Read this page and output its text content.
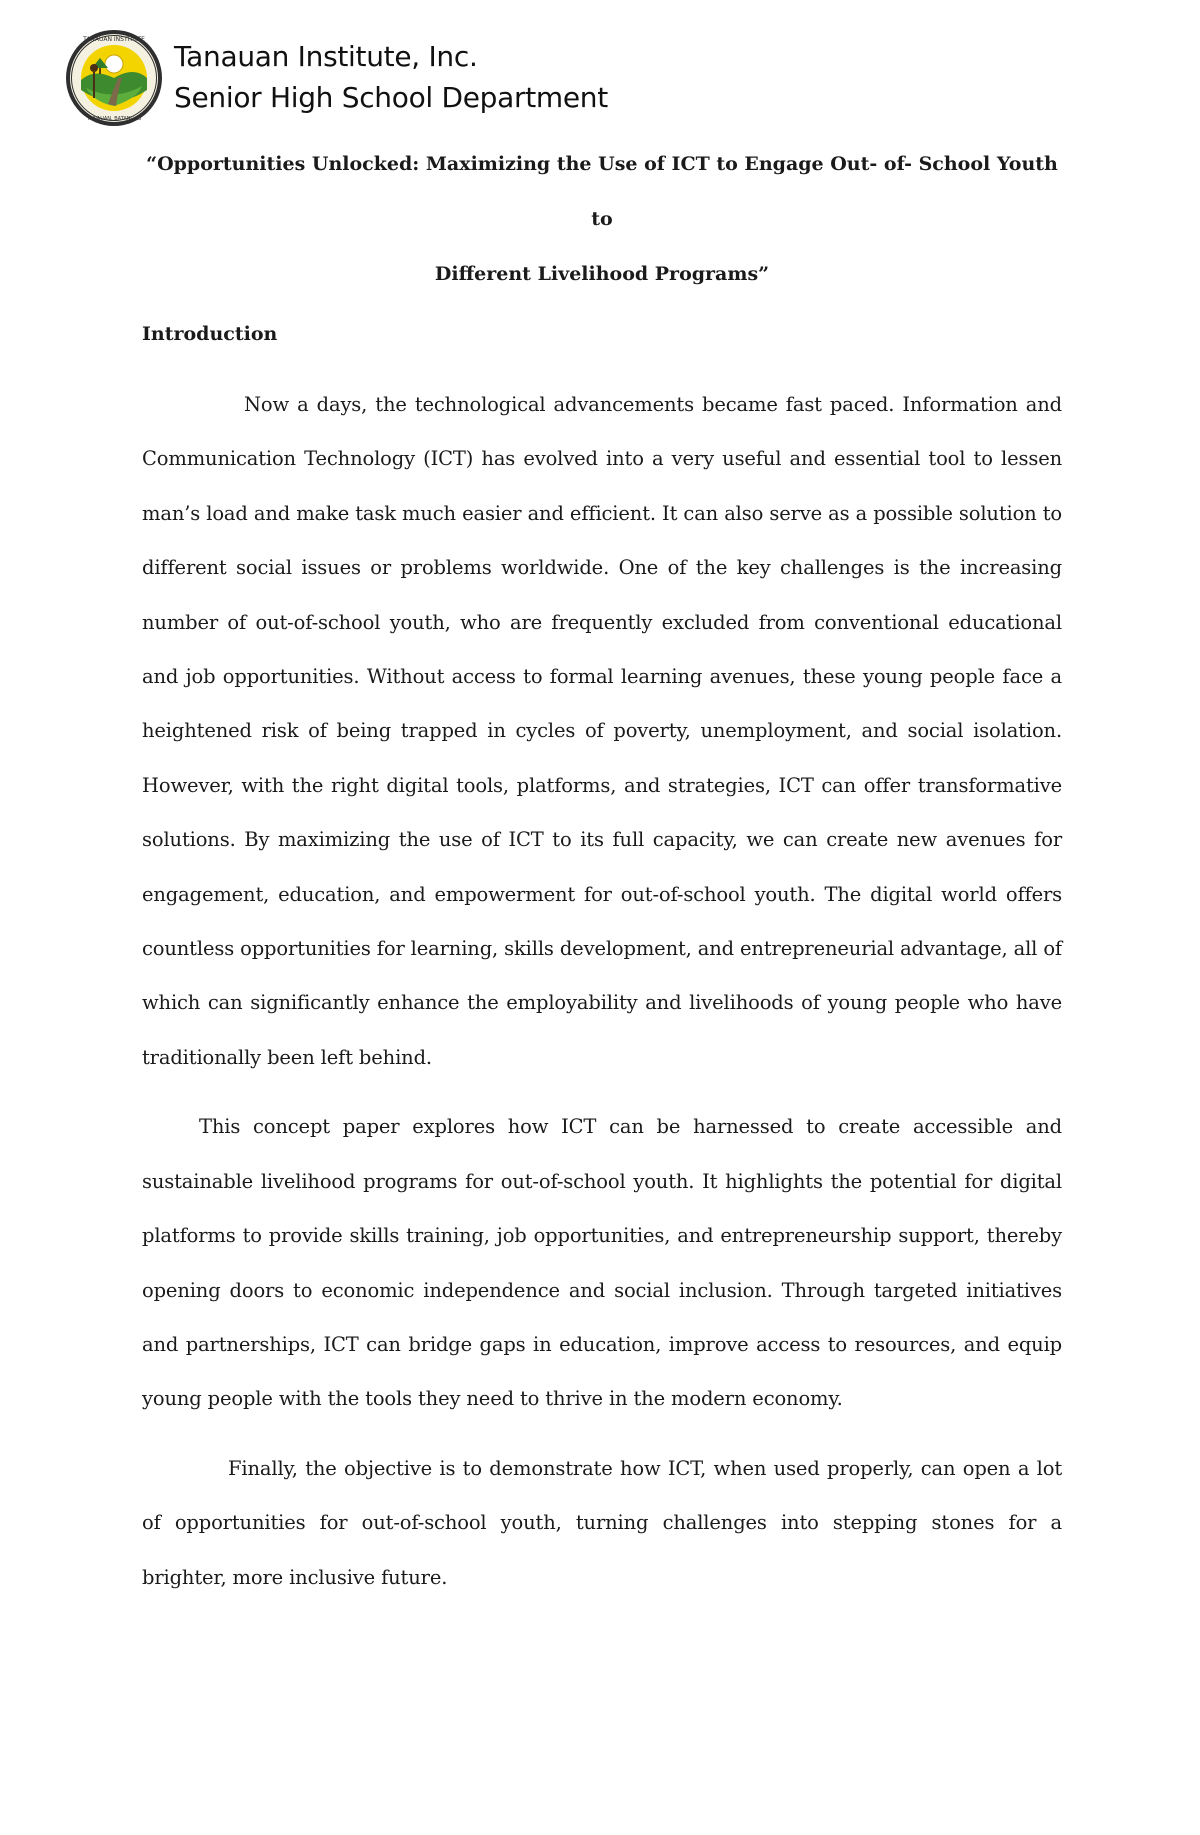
TANAUAN INSTITUTE
TANAUAN, BATANGAS
Tanauan Institute, Inc.
Senior High School Department

“Opportunities Unlocked: Maximizing the Use of ICT to Engage Out- of- School Youth to
Different Livelihood Programs”

Introduction

Now a days, the technological advancements became fast paced. Information and Communication Technology (ICT) has evolved into a very useful and essential tool to lessen man’s load and make task much easier and efficient. It can also serve as a possible solution to different social issues or problems worldwide. One of the key challenges is the increasing number of out-of-school youth, who are frequently excluded from conventional educational and job opportunities. Without access to formal learning avenues, these young people face a heightened risk of being trapped in cycles of poverty, unemployment, and social isolation. However, with the right digital tools, platforms, and strategies, ICT can offer transformative solutions. By maximizing the use of ICT to its full capacity, we can create new avenues for engagement, education, and empowerment for out-of-school youth. The digital world offers countless opportunities for learning, skills development, and entrepreneurial advantage, all of which can significantly enhance the employability and livelihoods of young people who have traditionally been left behind.

This concept paper explores how ICT can be harnessed to create accessible and sustainable livelihood programs for out-of-school youth. It highlights the potential for digital platforms to provide skills training, job opportunities, and entrepreneurship support, thereby opening doors to economic independence and social inclusion. Through targeted initiatives and partnerships, ICT can bridge gaps in education, improve access to resources, and equip young people with the tools they need to thrive in the modern economy.

Finally, the objective is to demonstrate how ICT, when used properly, can open a lot of opportunities for out-of-school youth, turning challenges into stepping stones for a brighter, more inclusive future.
